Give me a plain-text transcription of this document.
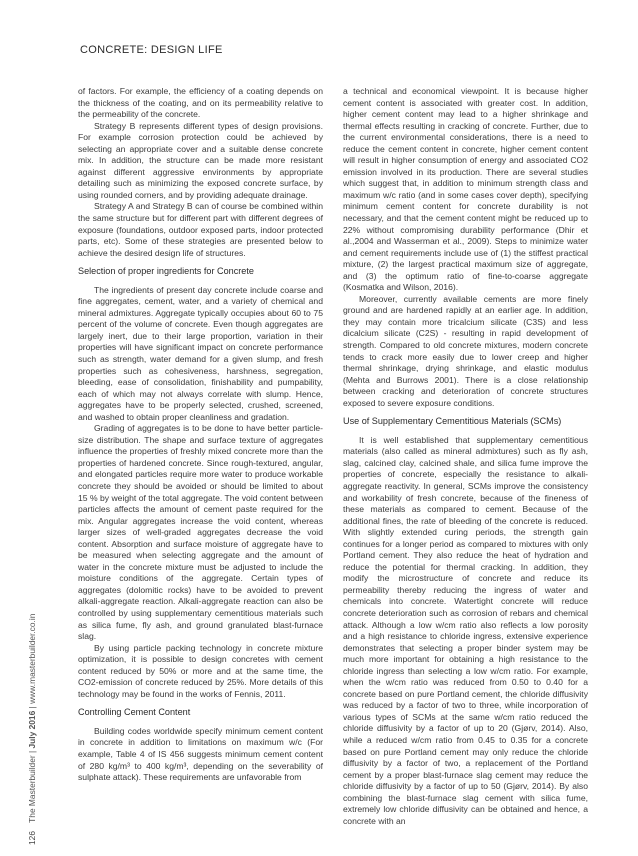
CONCRETE: DESIGN LIFE
126 The Masterbuilder | July 2016 | www.masterbuilder.co.in

of factors. For example, the efficiency of a coating depends on the thickness of the coating, and on its permeability relative to the permeability of the concrete.

Strategy B represents different types of design provisions. For example corrosion protection could be achieved by selecting an appropriate cover and a suitable dense concrete mix. In addition, the structure can be made more resistant against different aggressive environments by appropriate detailing such as minimizing the exposed concrete surface, by using rounded corners, and by providing adequate drainage.

Strategy A and Strategy B can of course be combined within the same structure but for different part with different degrees of exposure (foundations, outdoor exposed parts, indoor protected parts, etc). Some of these strategies are presented below to achieve the desired design life of structures.

Selection of proper ingredients for Concrete

The ingredients of present day concrete include coarse and fine aggregates, cement, water, and a variety of chemical and mineral admixtures. Aggregate typically occupies about 60 to 75 percent of the volume of concrete. Even though aggregates are largely inert, due to their large proportion, variation in their properties will have significant impact on concrete performance such as strength, water demand for a given slump, and fresh properties such as cohesiveness, harshness, segregation, bleeding, ease of consolidation, finishability and pumpability, each of which may not always correlate with slump. Hence, aggregates have to be properly selected, crushed, screened, and washed to obtain proper cleanliness and gradation.

Grading of aggregates is to be done to have better particle-size distribution. The shape and surface texture of aggregates influence the properties of freshly mixed concrete more than the properties of hardened concrete. Since rough-textured, angular, and elongated particles require more water to produce workable concrete they should be avoided or should be limited to about 15 % by weight of the total aggregate. The void content between particles affects the amount of cement paste required for the mix. Angular aggregates increase the void content, whereas larger sizes of well-graded aggregates decrease the void content. Absorption and surface moisture of aggregate have to be measured when selecting aggregate and the amount of water in the concrete mixture must be adjusted to include the moisture conditions of the aggregate. Certain types of aggregates (dolomitic rocks) have to be avoided to prevent alkali-aggregate reaction. Alkali-aggregate reaction can also be controlled by using supplementary cementitious materials such as silica fume, fly ash, and ground granulated blast-furnace slag.

By using particle packing technology in concrete mixture optimization, it is possible to design concretes with cement content reduced by 50% or more and at the same time, the CO2-emission of concrete reduced by 25%. More details of this technology may be found in the works of Fennis, 2011.

Controlling Cement Content

Building codes worldwide specify minimum cement content in concrete in addition to limitations on maximum w/c (For example, Table 4 of IS 456 suggests minimum cement content of 280 kg/m³ to 400 kg/m³, depending on the severability of sulphate attack). These requirements are unfavorable from

a technical and economical viewpoint. It is because higher cement content is associated with greater cost. In addition, higher cement content may lead to a higher shrinkage and thermal effects resulting in cracking of concrete. Further, due to the current environmental considerations, there is a need to reduce the cement content in concrete, higher cement content will result in higher consumption of energy and associated CO2 emission involved in its production. There are several studies which suggest that, in addition to minimum strength class and maximum w/c ratio (and in some cases cover depth), specifying minimum cement content for concrete durability is not necessary, and that the cement content might be reduced up to 22% without compromising durability performance (Dhir et al.,2004 and Wasserman et al., 2009). Steps to minimize water and cement requirements include use of (1) the stiffest practical mixture, (2) the largest practical maximum size of aggregate, and (3) the optimum ratio of fine-to-coarse aggregate (Kosmatka and Wilson, 2016).

Moreover, currently available cements are more finely ground and are hardened rapidly at an earlier age. In addition, they may contain more tricalcium silicate (C3S) and less dicalcium silicate (C2S) - resulting in rapid development of strength. Compared to old concrete mixtures, modern concrete tends to crack more easily due to lower creep and higher thermal shrinkage, drying shrinkage, and elastic modulus (Mehta and Burrows 2001). There is a close relationship between cracking and deterioration of concrete structures exposed to severe exposure conditions.

Use of Supplementary Cementitious Materials (SCMs)

It is well established that supplementary cementitious materials (also called as mineral admixtures) such as fly ash, slag, calcined clay, calcined shale, and silica fume improve the properties of concrete, especially the resistance to alkali-aggregate reactivity. In general, SCMs improve the consistency and workability of fresh concrete, because of the fineness of these materials as compared to cement. Because of the additional fines, the rate of bleeding of the concrete is reduced. With slightly extended curing periods, the strength gain continues for a longer period as compared to mixtures with only Portland cement. They also reduce the heat of hydration and reduce the potential for thermal cracking. In addition, they modify the microstructure of concrete and reduce its permeability thereby reducing the ingress of water and chemicals into concrete. Watertight concrete will reduce concrete deterioration such as corrosion of rebars and chemical attack. Although a low w/cm ratio also reflects a low porosity and a high resistance to chloride ingress, extensive experience demonstrates that selecting a proper binder system may be much more important for obtaining a high resistance to the chloride ingress than selecting a low w/cm ratio. For example, when the w/cm ratio was reduced from 0.50 to 0.40 for a concrete based on pure Portland cement, the chloride diffusivity was reduced by a factor of two to three, while incorporation of various types of SCMs at the same w/cm ratio reduced the chloride diffusivity by a factor of up to 20 (Gjørv, 2014). Also, while a reduced w/cm ratio from 0.45 to 0.35 for a concrete based on pure Portland cement may only reduce the chloride diffusivity by a factor of two, a replacement of the Portland cement by a proper blast-furnace slag cement may reduce the chloride diffusivity by a factor of up to 50 (Gjørv, 2014). By also combining the blast-furnace slag cement with silica fume, extremely low chloride diffusivity can be obtained and hence, a concrete with an
